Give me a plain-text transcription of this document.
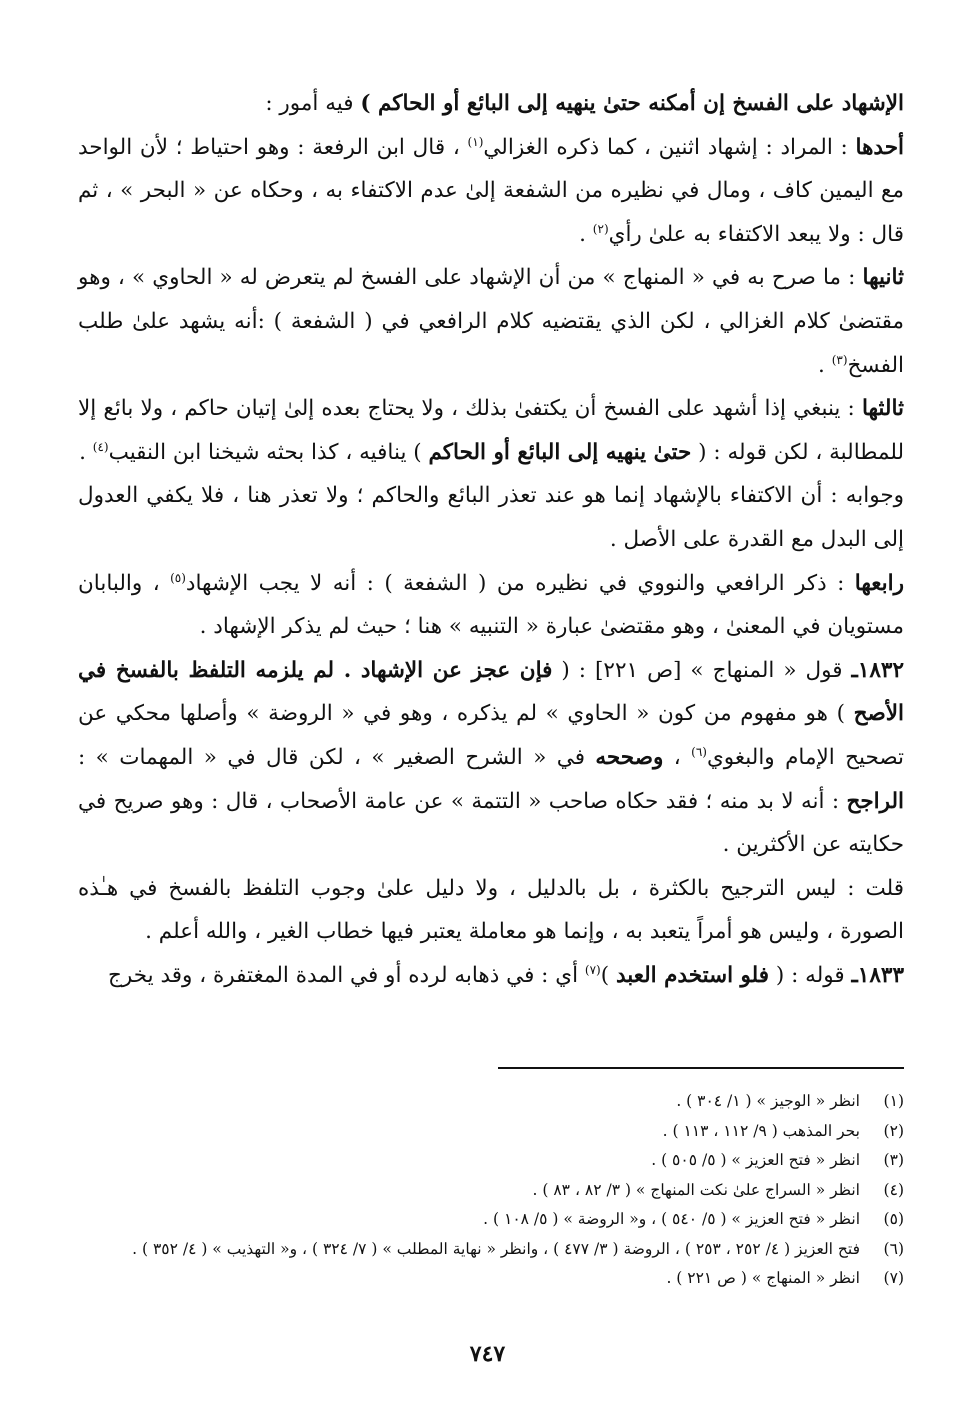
الإشهاد على الفسخ إن أمكنه حتىٰ ينهيه إلى البائع أو الحاكم ) فيه أمور :

أحدها : المراد : إشهاد اثنين ، كما ذكره الغزالي$^{(١)}$ ، قال ابن الرفعة : وهو احتياط ؛ لأن الواحد مع اليمين كاف ، ومال في نظيره من الشفعة إلىٰ عدم الاكتفاء به ، وحكاه عن « البحر » ، ثم قال : ولا يبعد الاكتفاء به علىٰ رأي$^{(٢)}$ .

ثانيها : ما صرح به في « المنهاج » من أن الإشهاد على الفسخ لم يتعرض له « الحاوي » ، وهو مقتضىٰ كلام الغزالي ، لكن الذي يقتضيه كلام الرافعي في ( الشفعة ) :أنه يشهد علىٰ طلب الفسخ$^{(٣)}$ .

ثالثها : ينبغي إذا أشهد على الفسخ أن يكتفىٰ بذلك ، ولا يحتاج بعده إلىٰ إتيان حاكم ، ولا بائع إلا للمطالبة ، لكن قوله : ( حتىٰ ينهيه إلى البائع أو الحاكم ) ينافيه ، كذا بحثه شيخنا ابن النقيب$^{(٤)}$ .

وجوابه : أن الاكتفاء بالإشهاد إنما هو عند تعذر البائع والحاكم ؛ ولا تعذر هنا ، فلا يكفي العدول إلى البدل مع القدرة على الأصل .

رابعها : ذكر الرافعي والنووي في نظيره من ( الشفعة ) : أنه لا يجب الإشهاد$^{(٥)}$ ، والبابان مستويان في المعنىٰ ، وهو مقتضىٰ عبارة « التنبيه » هنا ؛ حيث لم يذكر الإشهاد .

١٨٣٢ـ قول « المنهاج » [ص ٢٢١] : ( فإن عجز عن الإشهاد . لم يلزمه التلفظ بالفسخ في الأصح ) هو مفهوم من كون « الحاوي » لم يذكره ، وهو في « الروضة » وأصلها محكي عن تصحيح الإمام والبغوي$^{(٦)}$ ، وصححه في « الشرح الصغير » ، لكن قال في « المهمات » : الراجح : أنه لا بد منه ؛ فقد حكاه صاحب « التتمة » عن عامة الأصحاب ، قال : وهو صريح في حكايته عن الأكثرين .

قلت : ليس الترجيح بالكثرة ، بل بالدليل ، ولا دليل علىٰ وجوب التلفظ بالفسخ في هـٰذه الصورة ، وليس هو أمراً يتعبد به ، وإنما هو معاملة يعتبر فيها خطاب الغير ، والله أعلم .

١٨٣٣ـ قوله : ( فلو استخدم العبد )$^{(٧)}$ أي : في ذهابه لرده أو في المدة المغتفرة ، وقد يخرج

(١)
انظر « الوجيز » ( ١/ ٣٠٤ ) .
(٢)
بحر المذهب ( ٩/ ١١٢ ، ١١٣ ) .
(٣)
انظر « فتح العزيز » ( ٥/ ٥٠٥ ) .
(٤)
انظر « السراج علىٰ نكت المنهاج » ( ٣/ ٨٢ ، ٨٣ ) .
(٥)
انظر « فتح العزيز » ( ٥/ ٥٤٠ ) ، و« الروضة » ( ٥/ ١٠٨ ) .
(٦)
فتح العزيز ( ٤/ ٢٥٢ ، ٢٥٣ ) ، الروضة ( ٣/ ٤٧٧ ) ، وانظر « نهاية المطلب » ( ٧/ ٣٢٤ ) ، و« التهذيب » ( ٤/ ٣٥٢ ) .
(٧)
انظر « المنهاج » ( ص ٢٢١ ) .
٧٤٧
